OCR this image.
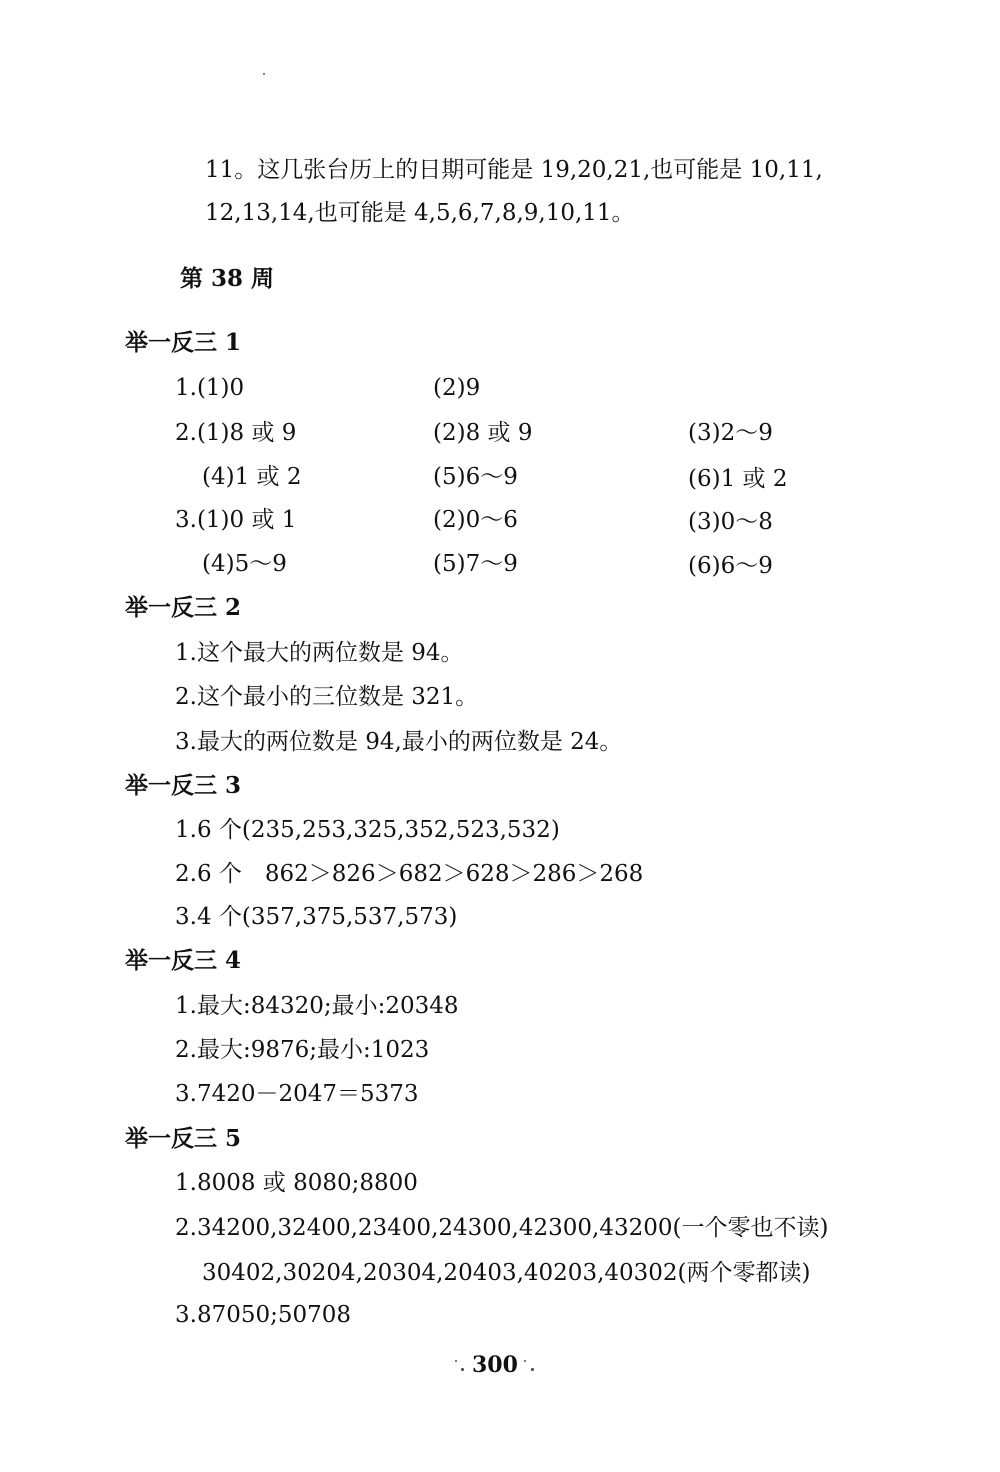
11。这几张台历上的日期可能是 19,20,21,也可能是 10,11,
12,13,14,也可能是 4,5,6,7,8,9,10,11。
第 38 周
举一反三 1
1.(1)0	(2)9
2.(1)8 或 9	(2)8 或 9	(3)2～9
(4)1 或 2	(5)6～9	(6)1 或 2
3.(1)0 或 1	(2)0～6	(3)0～8
(4)5～9	(5)7～9	(6)6～9
举一反三 2
1.这个最大的两位数是 94。
2.这个最小的三位数是 321。
3.最大的两位数是 94,最小的两位数是 24。
举一反三 3
1.6 个(235,253,325,352,523,532)
2.6 个　862＞826＞682＞628＞286＞268
3.4 个(357,375,537,573)
举一反三 4
1.最大:84320;最小:20348
2.最大:9876;最小:1023
3.7420－2047＝5373
举一反三 5
1.8008 或 8080;8800
2.34200,32400,23400,24300,42300,43200(一个零也不读)
30402,30204,20304,20403,40203,40302(两个零都读)
3.87050;50708
300
